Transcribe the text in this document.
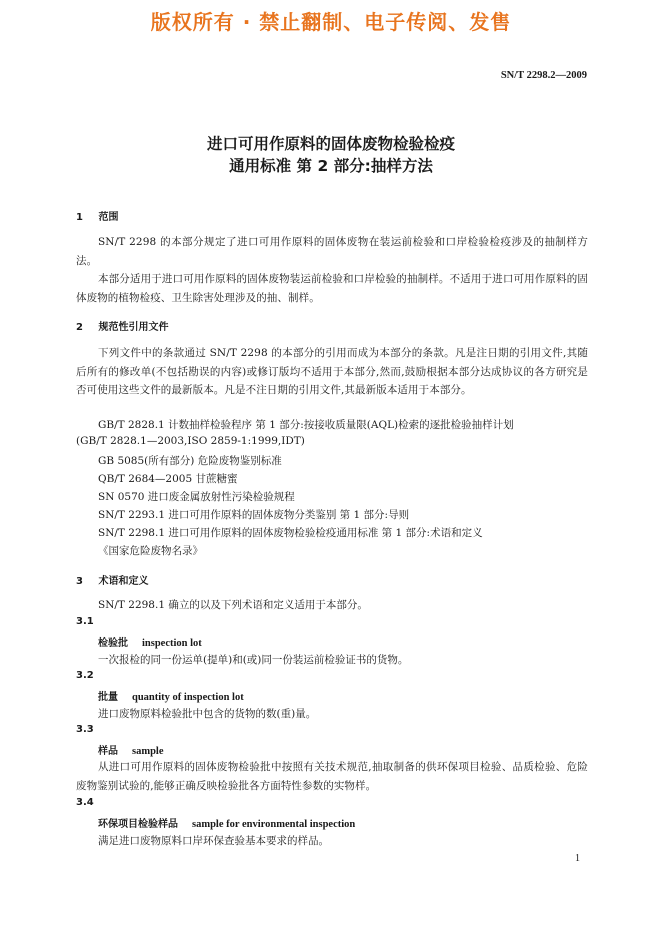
版权所有 · 禁止翻制、电子传阅、发售
SN/T 2298.2—2009
进口可用作原料的固体废物检验检疫
通用标准 第 2 部分:抽样方法
1 范围
SN/T 2298 的本部分规定了进口可用作原料的固体废物在装运前检验和口岸检验检疫涉及的抽制样方法。
本部分适用于进口可用作原料的固体废物装运前检验和口岸检验的抽制样。不适用于进口可用作原料的固体废物的植物检疫、卫生除害处理涉及的抽、制样。
2 规范性引用文件
下列文件中的条款通过 SN/T 2298 的本部分的引用而成为本部分的条款。凡是注日期的引用文件,其随后所有的修改单(不包括勘误的内容)或修订版均不适用于本部分,然而,鼓励根据本部分达成协议的各方研究是否可使用这些文件的最新版本。凡是不注日期的引用文件,其最新版本适用于本部分。
GB/T 2828.1 计数抽样检验程序 第 1 部分:按接收质量限(AQL)检索的逐批检验抽样计划
(GB/T 2828.1—2003,ISO 2859-1:1999,IDT)
GB 5085(所有部分) 危险废物鉴别标准
QB/T 2684—2005 甘蔗糖蜜
SN 0570 进口废金属放射性污染检验规程
SN/T 2293.1 进口可用作原料的固体废物分类鉴别 第 1 部分:导则
SN/T 2298.1 进口可用作原料的固体废物检验检疫通用标准 第 1 部分:术语和定义
《国家危险废物名录》
3 术语和定义
SN/T 2298.1 确立的以及下列术语和定义适用于本部分。
3.1
检验批 inspection lot
一次报检的同一份运单(提单)和(或)同一份装运前检验证书的货物。
3.2
批量 quantity of inspection lot
进口废物原料检验批中包含的货物的数(重)量。
3.3
样品 sample
从进口可用作原料的固体废物检验批中按照有关技术规范,抽取制备的供环保项目检验、品质检验、危险废物鉴别试验的,能够正确反映检验批各方面特性参数的实物样。
3.4
环保项目检验样品 sample for environmental inspection
满足进口废物原料口岸环保查验基本要求的样品。
1
